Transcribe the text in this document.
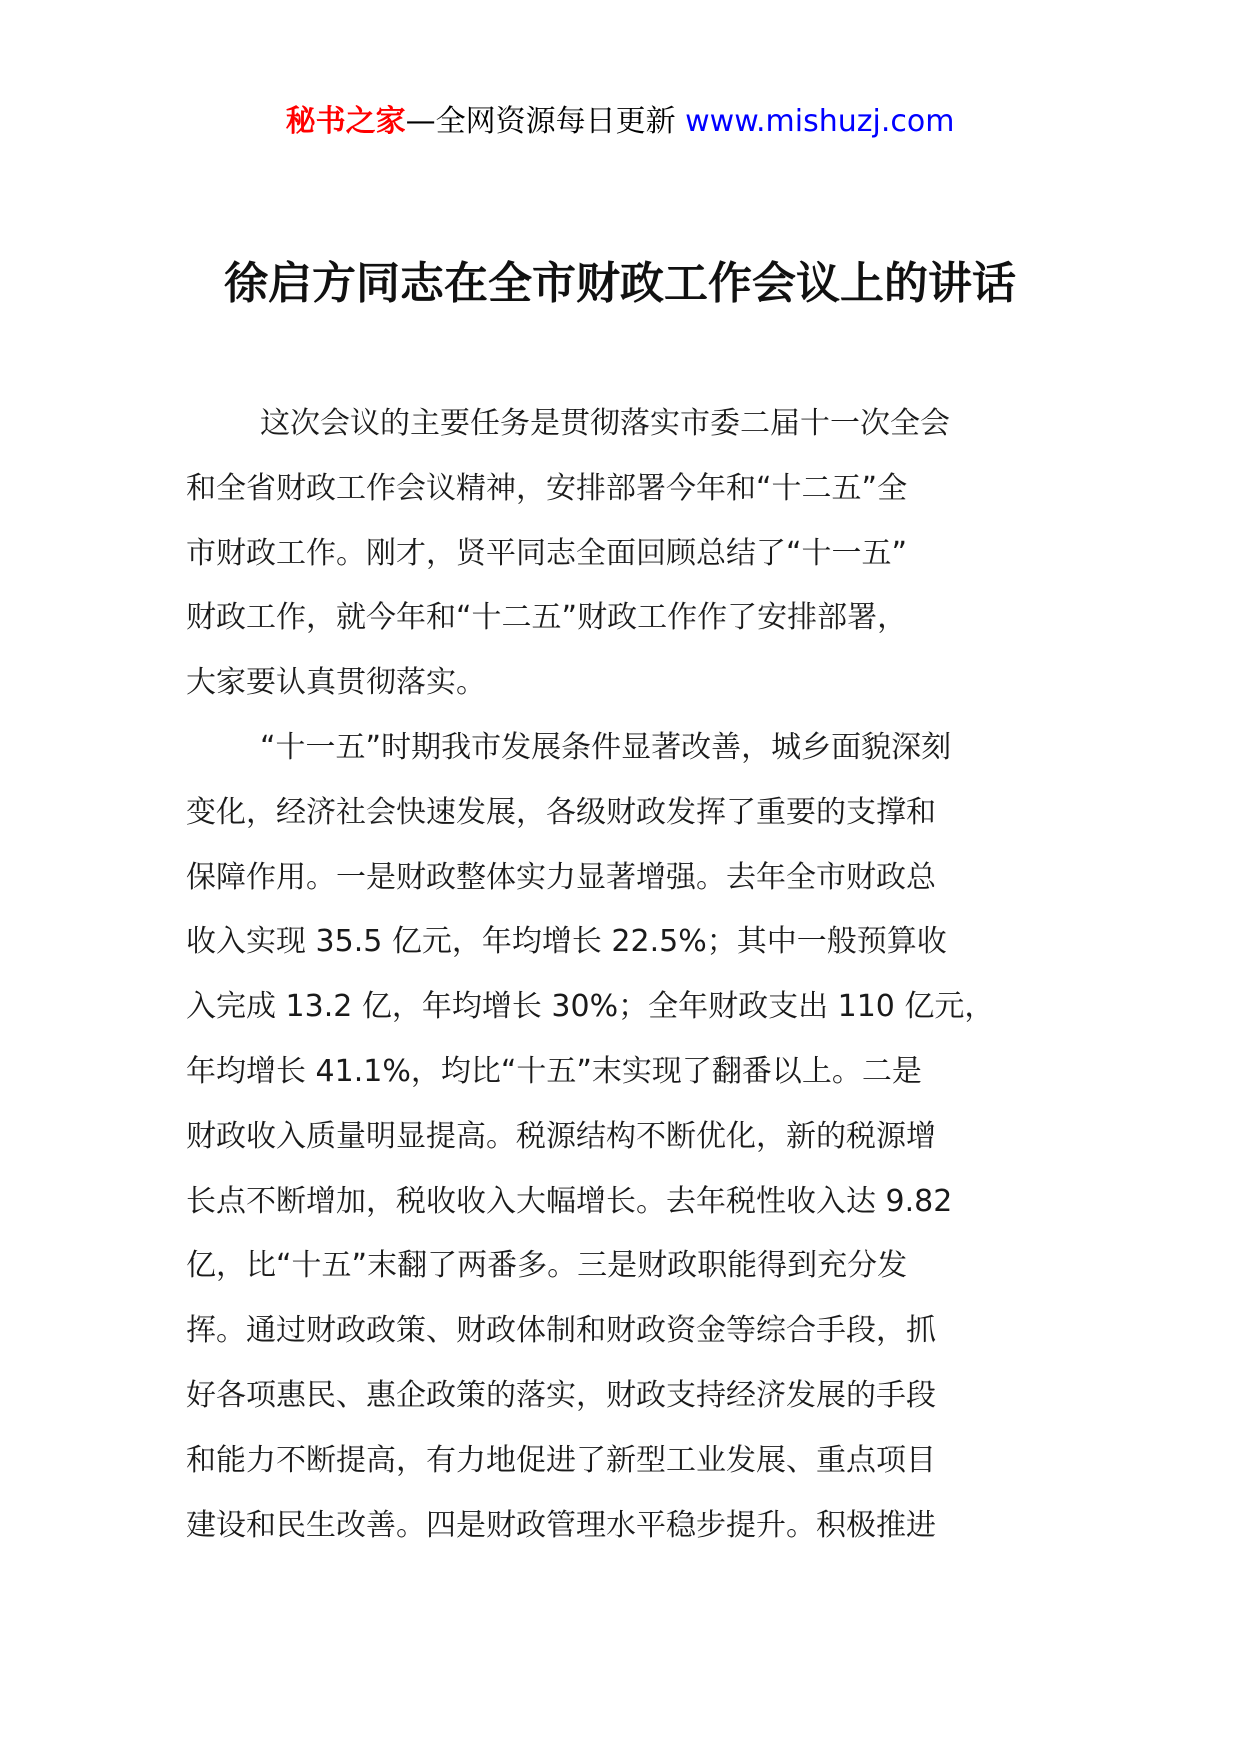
秘书之家—全网资源每日更新 www.mishuzj.com
徐启方同志在全市财政工作会议上的讲话
这次会议的主要任务是贯彻落实市委二届十一次全会
和全省财政工作会议精神，安排部署今年和“十二五”全
市财政工作。刚才，贤平同志全面回顾总结了“十一五”
财政工作，就今年和“十二五”财政工作作了安排部署，
大家要认真贯彻落实。
“十一五”时期我市发展条件显著改善，城乡面貌深刻
变化，经济社会快速发展，各级财政发挥了重要的支撑和
保障作用。一是财政整体实力显著增强。去年全市财政总
收入实现 35.5 亿元，年均增长 22.5%；其中一般预算收
入完成 13.2 亿，年均增长 30%；全年财政支出 110 亿元，
年均增长 41.1%，均比“十五”末实现了翻番以上。二是
财政收入质量明显提高。税源结构不断优化，新的税源增
长点不断增加，税收收入大幅增长。去年税性收入达 9.82
亿，比“十五”末翻了两番多。三是财政职能得到充分发
挥。通过财政政策、财政体制和财政资金等综合手段，抓
好各项惠民、惠企政策的落实，财政支持经济发展的手段
和能力不断提高，有力地促进了新型工业发展、重点项目
建设和民生改善。四是财政管理水平稳步提升。积极推进
